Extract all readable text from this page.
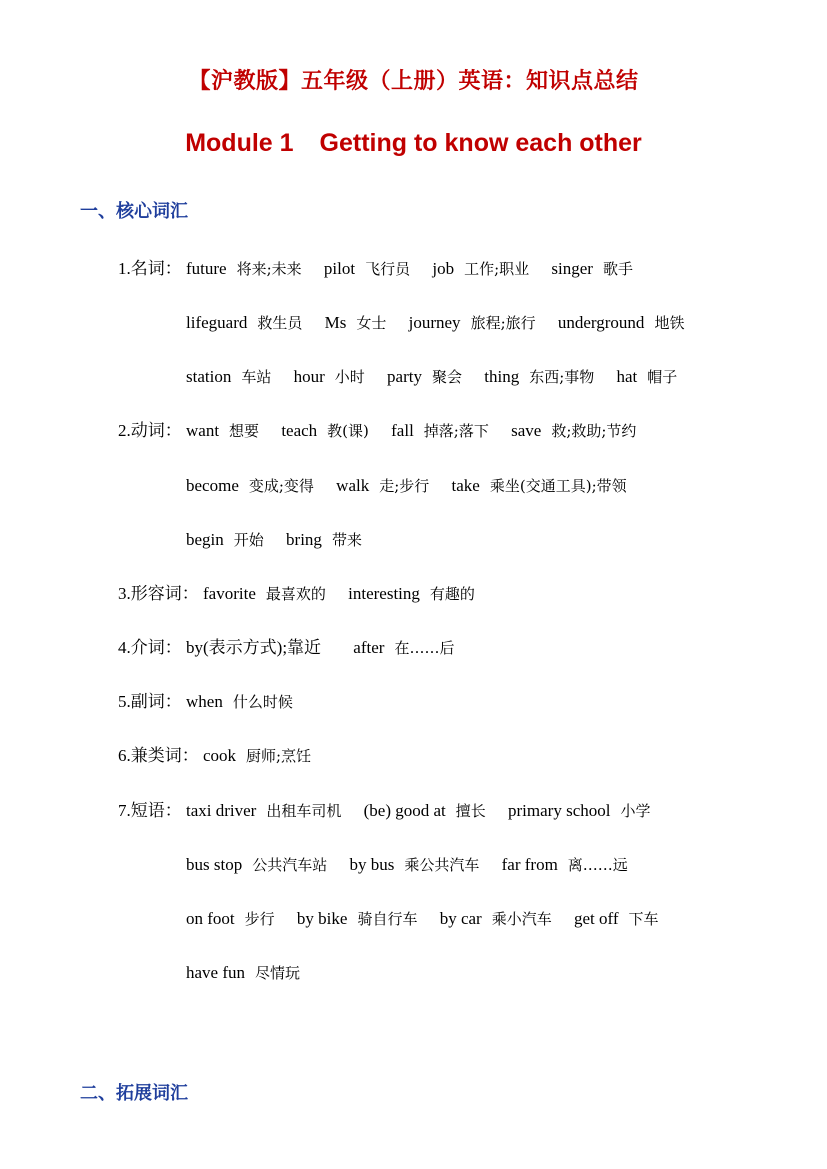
【沪教版】五年级（上册）英语：知识点总结
Module 1 Getting to know each other
一、核心词汇
1.名词： future 将来;未来 pilot 飞行员 job 工作;职业 singer 歌手
lifeguard 救生员 Ms 女士 journey 旅程;旅行 underground 地铁
station 车站 hour 小时 party 聚会 thing 东西;事物 hat 帽子
2.动词： want 想要 teach 教(课) fall 掉落;落下 save 救;救助;节约
become 变成;变得 walk 走;步行 take 乘坐(交通工具);带领
begin 开始 bring 带来
3.形容词： favorite 最喜欢的 interesting 有趣的
4.介词： by(表示方式);靠近 after 在……后
5.副词： when 什么时候
6.兼类词： cook 厨师;烹饪
7.短语： taxi driver 出租车司机 (be) good at 擅长 primary school 小学
bus stop 公共汽车站 by bus 乘公共汽车 far from 离……远
on foot 步行 by bike 骑自行车 by car 乘小汽车 get off 下车
have fun 尽情玩
二、拓展词汇
